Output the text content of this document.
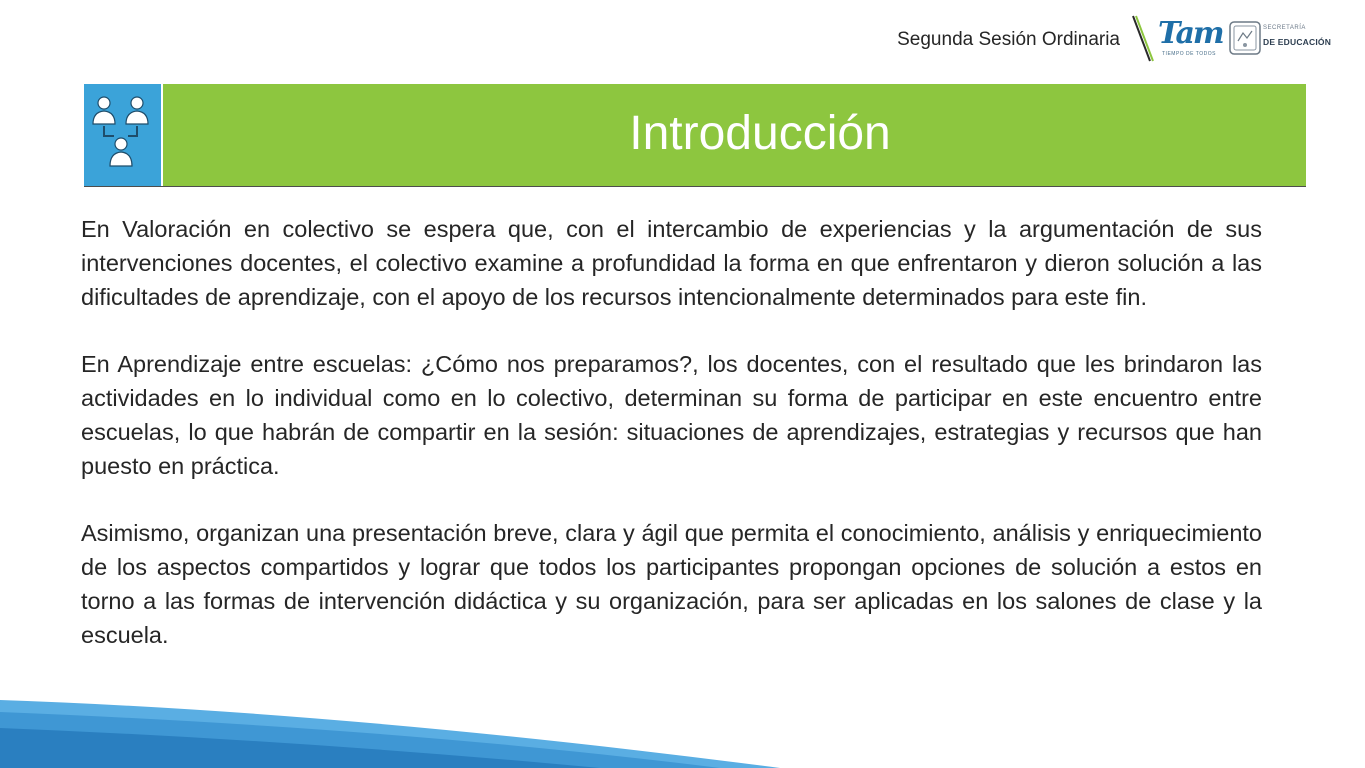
Segunda Sesión Ordinaria Tam
TIEMPO DE TODOS
SECRETARÍA
DE EDUCACIÓN
Introducción

En Valoración en colectivo se espera que, con el intercambio de experiencias y la argumentación de sus intervenciones docentes, el colectivo examine a profundidad la forma en que enfrentaron y dieron solución a las dificultades de aprendizaje, con el apoyo de los recursos intencionalmente determinados para este fin.

En Aprendizaje entre escuelas: ¿Cómo nos preparamos?, los docentes, con el resultado que les brindaron las actividades en lo individual como en lo colectivo, determinan su forma de participar en este encuentro entre escuelas, lo que habrán de compartir en la sesión: situaciones de aprendizajes, estrategias y recursos que han puesto en práctica.

Asimismo, organizan una presentación breve, clara y ágil que permita el conocimiento, análisis y enriquecimiento de los aspectos compartidos y lograr que todos los participantes propongan opciones de solución a estos en torno a las formas de intervención didáctica y su organización, para ser aplicadas en los salones de clase y la escuela.
